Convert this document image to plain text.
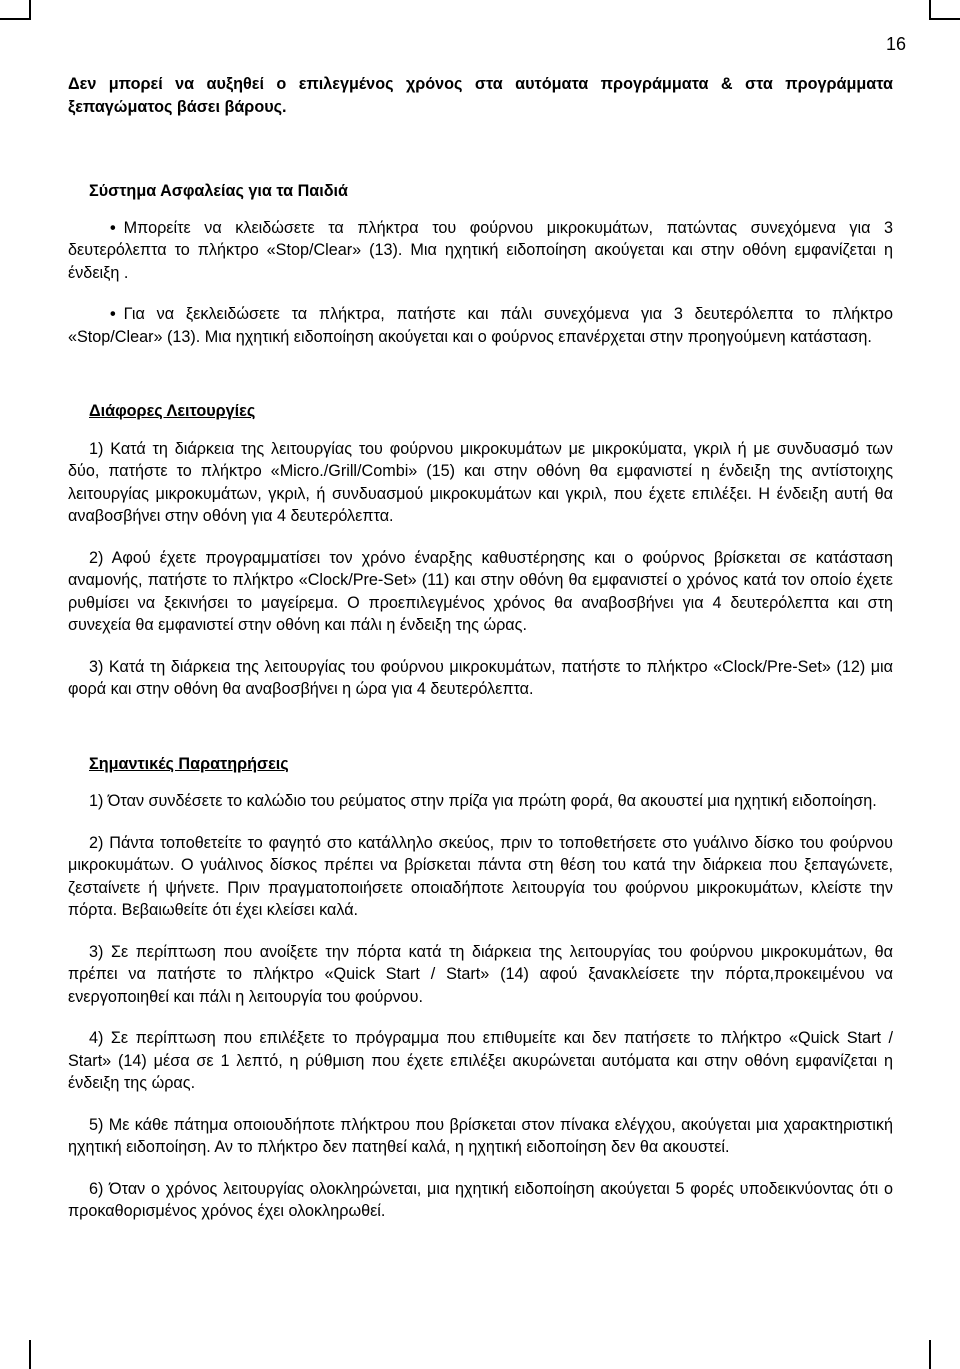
16

Δεν μπορεί να αυξηθεί ο επιλεγμένος χρόνος στα αυτόματα προγράμματα & στα προγράμματα ξεπαγώματος βάσει βάρους.

Σύστημα Ασφαλείας για τα Παιδιά

• Μπορείτε να κλειδώσετε τα πλήκτρα του φούρνου μικροκυμάτων, πατώντας συνεχόμενα για 3 δευτερόλεπτα το πλήκτρο «Stop/Clear» (13). Μια ηχητική ειδοποίηση ακούγεται και στην οθόνη εμφανίζεται η ένδειξη .

• Για να ξεκλειδώσετε τα πλήκτρα, πατήστε και πάλι συνεχόμενα για 3 δευτερόλεπτα το πλήκτρο «Stop/Clear» (13). Μια ηχητική ειδοποίηση ακούγεται και ο φούρνος επανέρχεται στην προηγούμενη κατάσταση.

Διάφορες Λειτουργίες

1) Κατά τη διάρκεια της λειτουργίας του φούρνου μικροκυμάτων με μικροκύματα, γκριλ ή με συνδυασμό των δύο, πατήστε το πλήκτρο «Micro./Grill/Combi» (15) και στην οθόνη θα εμφανιστεί η ένδειξη της αντίστοιχης λειτουργίας μικροκυμάτων, γκριλ, ή συνδυασμού μικροκυμάτων και γκριλ, που έχετε επιλέξει. Η ένδειξη αυτή θα αναβοσβήνει στην οθόνη για 4 δευτερόλεπτα.

2) Αφού έχετε προγραμματίσει τον χρόνο έναρξης καθυστέρησης και ο φούρνος βρίσκεται σε κατάσταση αναμονής, πατήστε το πλήκτρο «Clock/Pre-Set» (11) και στην οθόνη θα εμφανιστεί ο χρόνος κατά τον οποίο έχετε ρυθμίσει να ξεκινήσει το μαγείρεμα. Ο προεπιλεγμένος χρόνος θα αναβοσβήνει για 4 δευτερόλεπτα και στη συνεχεία θα εμφανιστεί στην οθόνη και πάλι η ένδειξη της ώρας.

3) Κατά τη διάρκεια της λειτουργίας του φούρνου μικροκυμάτων, πατήστε το πλήκτρο «Clock/Pre-Set» (12) μια φορά και στην οθόνη θα αναβοσβήνει η ώρα για 4 δευτερόλεπτα.

Σημαντικές Παρατηρήσεις

1) Όταν συνδέσετε το καλώδιο του ρεύματος στην πρίζα για πρώτη φορά, θα ακουστεί μια ηχητική ειδοποίηση.

2) Πάντα τοποθετείτε το φαγητό στο κατάλληλο σκεύος, πριν το τοποθετήσετε στο γυάλινο δίσκο του φούρνου μικροκυμάτων. Ο γυάλινος δίσκος πρέπει να βρίσκεται πάντα στη θέση του κατά την διάρκεια που ξεπαγώνετε, ζεσταίνετε ή ψήνετε. Πριν πραγματοποιήσετε οποιαδήποτε λειτουργία του φούρνου μικροκυμάτων, κλείστε την πόρτα. Βεβαιωθείτε ότι έχει κλείσει καλά.

3) Σε περίπτωση που ανοίξετε την πόρτα κατά τη διάρκεια της λειτουργίας του φούρνου μικροκυμάτων, θα πρέπει να πατήστε το πλήκτρο «Quick Start / Start» (14) αφού ξανακλείσετε την πόρτα,προκειμένου να ενεργοποιηθεί και πάλι η λειτουργία του φούρνου.

4) Σε περίπτωση που επιλέξετε το πρόγραμμα που επιθυμείτε και δεν πατήσετε το πλήκτρο «Quick Start / Start» (14) μέσα σε 1 λεπτό, η ρύθμιση που έχετε επιλέξει ακυρώνεται αυτόματα και στην οθόνη εμφανίζεται η ένδειξη της ώρας.

5) Με κάθε πάτημα οποιουδήποτε πλήκτρου που βρίσκεται στον πίνακα ελέγχου, ακούγεται μια χαρακτηριστική ηχητική ειδοποίηση. Αν το πλήκτρο δεν πατηθεί καλά, η ηχητική ειδοποίηση δεν θα ακουστεί.

6) Όταν ο χρόνος λειτουργίας ολοκληρώνεται, μια ηχητική ειδοποίηση ακούγεται 5 φορές υποδεικνύοντας ότι ο προκαθορισμένος χρόνος έχει ολοκληρωθεί.
